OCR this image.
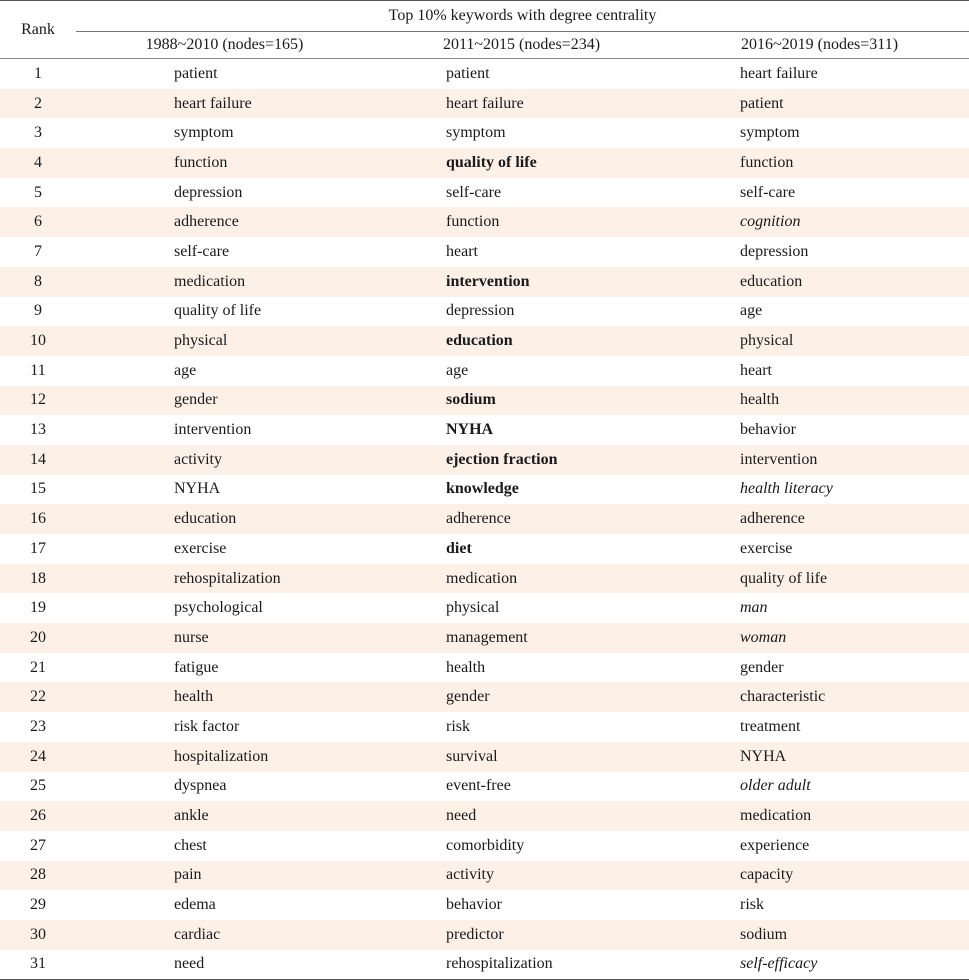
Rank	Top 10% keywords with degree centrality		
	1988~2010 (nodes=165)	2011~2015 (nodes=234)	2016~2019 (nodes=311)
1	patient	patient	heart failure
2	heart failure	heart failure	patient
3	symptom	symptom	symptom
4	function	quality of life	function
5	depression	self-care	self-care
6	adherence	function	cognition
7	self-care	heart	depression
8	medication	intervention	education
9	quality of life	depression	age
10	physical	education	physical
11	age	age	heart
12	gender	sodium	health
13	intervention	NYHA	behavior
14	activity	ejection fraction	intervention
15	NYHA	knowledge	health literacy
16	education	adherence	adherence
17	exercise	diet	exercise
18	rehospitalization	medication	quality of life
19	psychological	physical	man
20	nurse	management	woman
21	fatigue	health	gender
22	health	gender	characteristic
23	risk factor	risk	treatment
24	hospitalization	survival	NYHA
25	dyspnea	event-free	older adult
26	ankle	need	medication
27	chest	comorbidity	experience
28	pain	activity	capacity
29	edema	behavior	risk
30	cardiac	predictor	sodium
31	need	rehospitalization	self-efficacy
